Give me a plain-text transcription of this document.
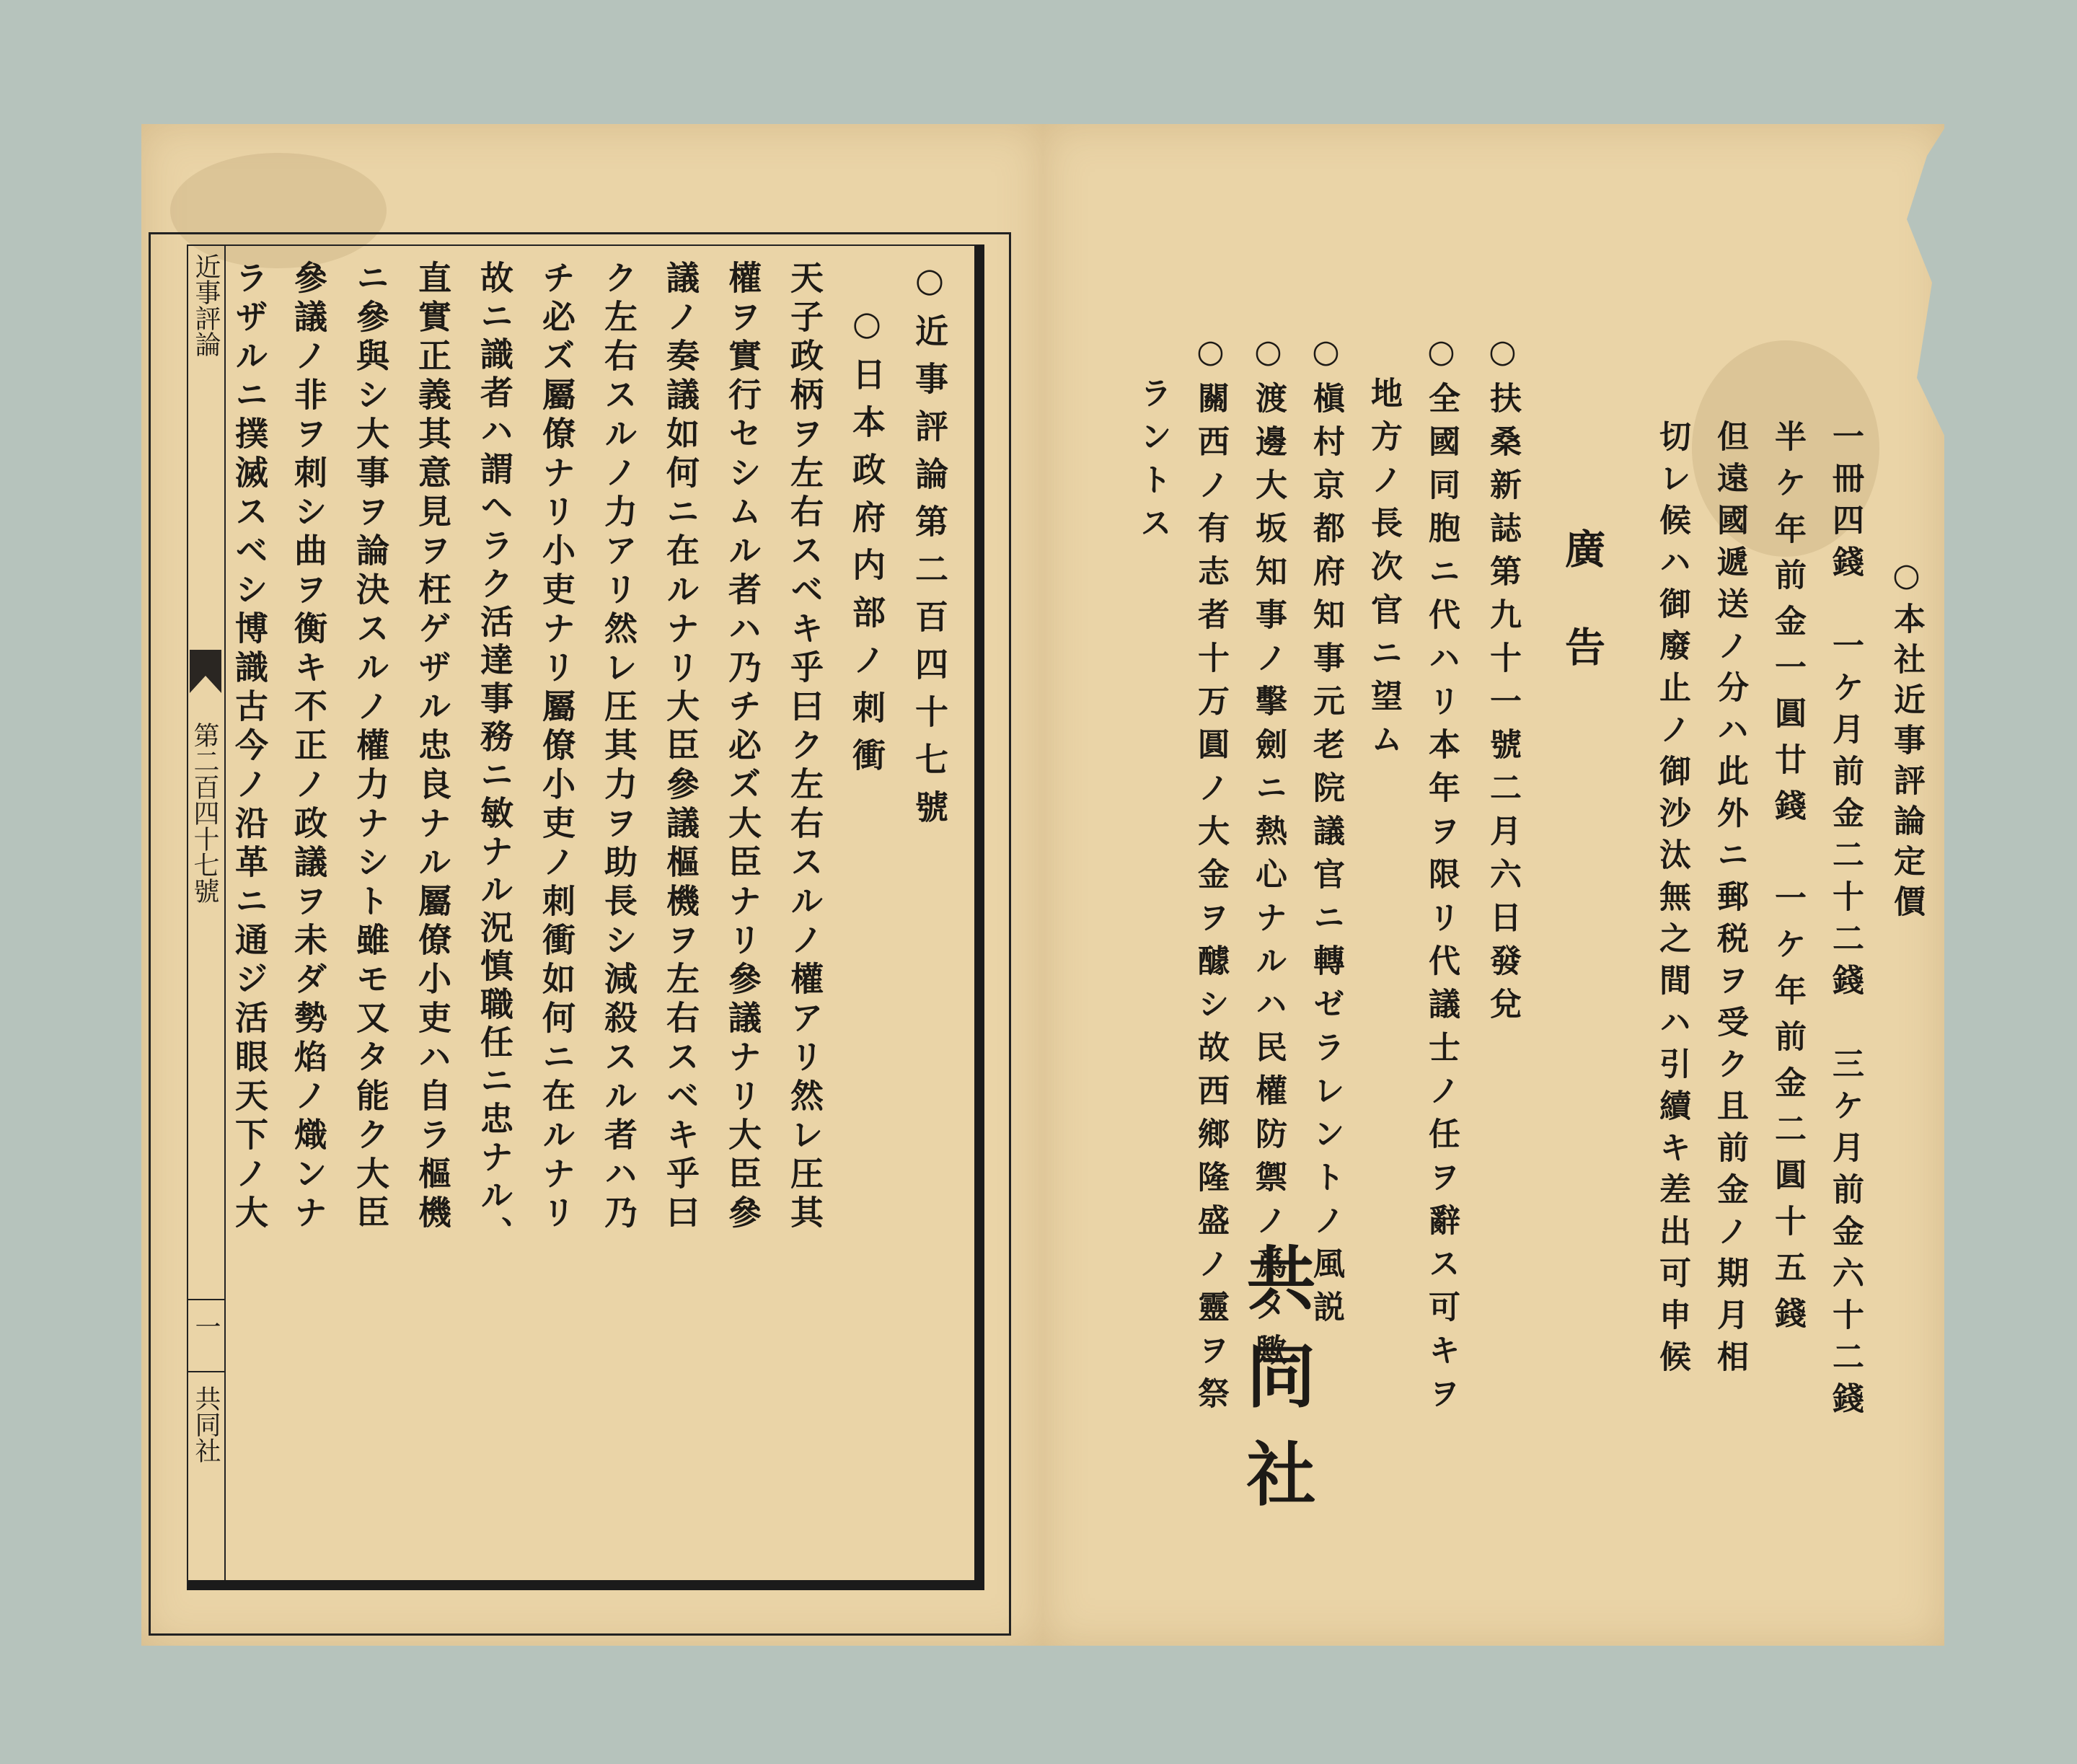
近事評論
第二百四十七號
一
共同社
○近事評論第二百四十七號
○日本政府内部ノ刺衝
天子政柄ヲ左右スベキ乎曰ク左右スルノ權アリ然レ圧其
權ヲ實行セシムル者ハ乃チ必ズ大臣ナリ參議ナリ大臣參
議ノ奏議如何ニ在ルナリ大臣參議樞機ヲ左右スベキ乎曰
ク左右スルノ力アリ然レ圧其力ヲ助長シ減殺スル者ハ乃
チ必ズ屬僚ナリ小吏ナリ屬僚小吏ノ刺衝如何ニ在ルナリ
故ニ識者ハ謂ヘラク活達事務ニ敏ナル況慎職任ニ忠ナル、
直實正義其意見ヲ枉ゲザル忠良ナル屬僚小吏ハ自ラ樞機
ニ參與シ大事ヲ論決スルノ權力ナシト雖モ又タ能ク大臣
參議ノ非ヲ刺シ曲ヲ衡キ不正ノ政議ヲ未ダ勢焰ノ熾ンナ
ラザルニ撲滅スベシ博識古今ノ沿革ニ通ジ活眼天下ノ大	○本社近事評論定價
一冊四錢　一ケ月前金二十二錢　三ケ月前金六十二錢
半ケ年前金一圓廿錢　一ケ年前金二圓十五錢
但遠國遞送ノ分ハ此外ニ郵税ヲ受ク且前金ノ期月相
切レ候ハ御廢止ノ御沙汰無之間ハ引續キ差出可申候
廣告
○扶桑新誌第九十一號二月六日發兌
○全國同胞ニ代ハリ本年ヲ限リ代議士ノ任ヲ辭ス可キヲ
地方ノ長次官ニ望ム
○槇村京都府知事元老院議官ニ轉ゼラレントノ風説
○渡邊大坂知事ノ擊劍ニ熱心ナルハ民權防禦ノ爲メ歟
○關西ノ有志者十万圓ノ大金ヲ醵シ故西鄉隆盛ノ靈ヲ祭
ラントス
共同社
